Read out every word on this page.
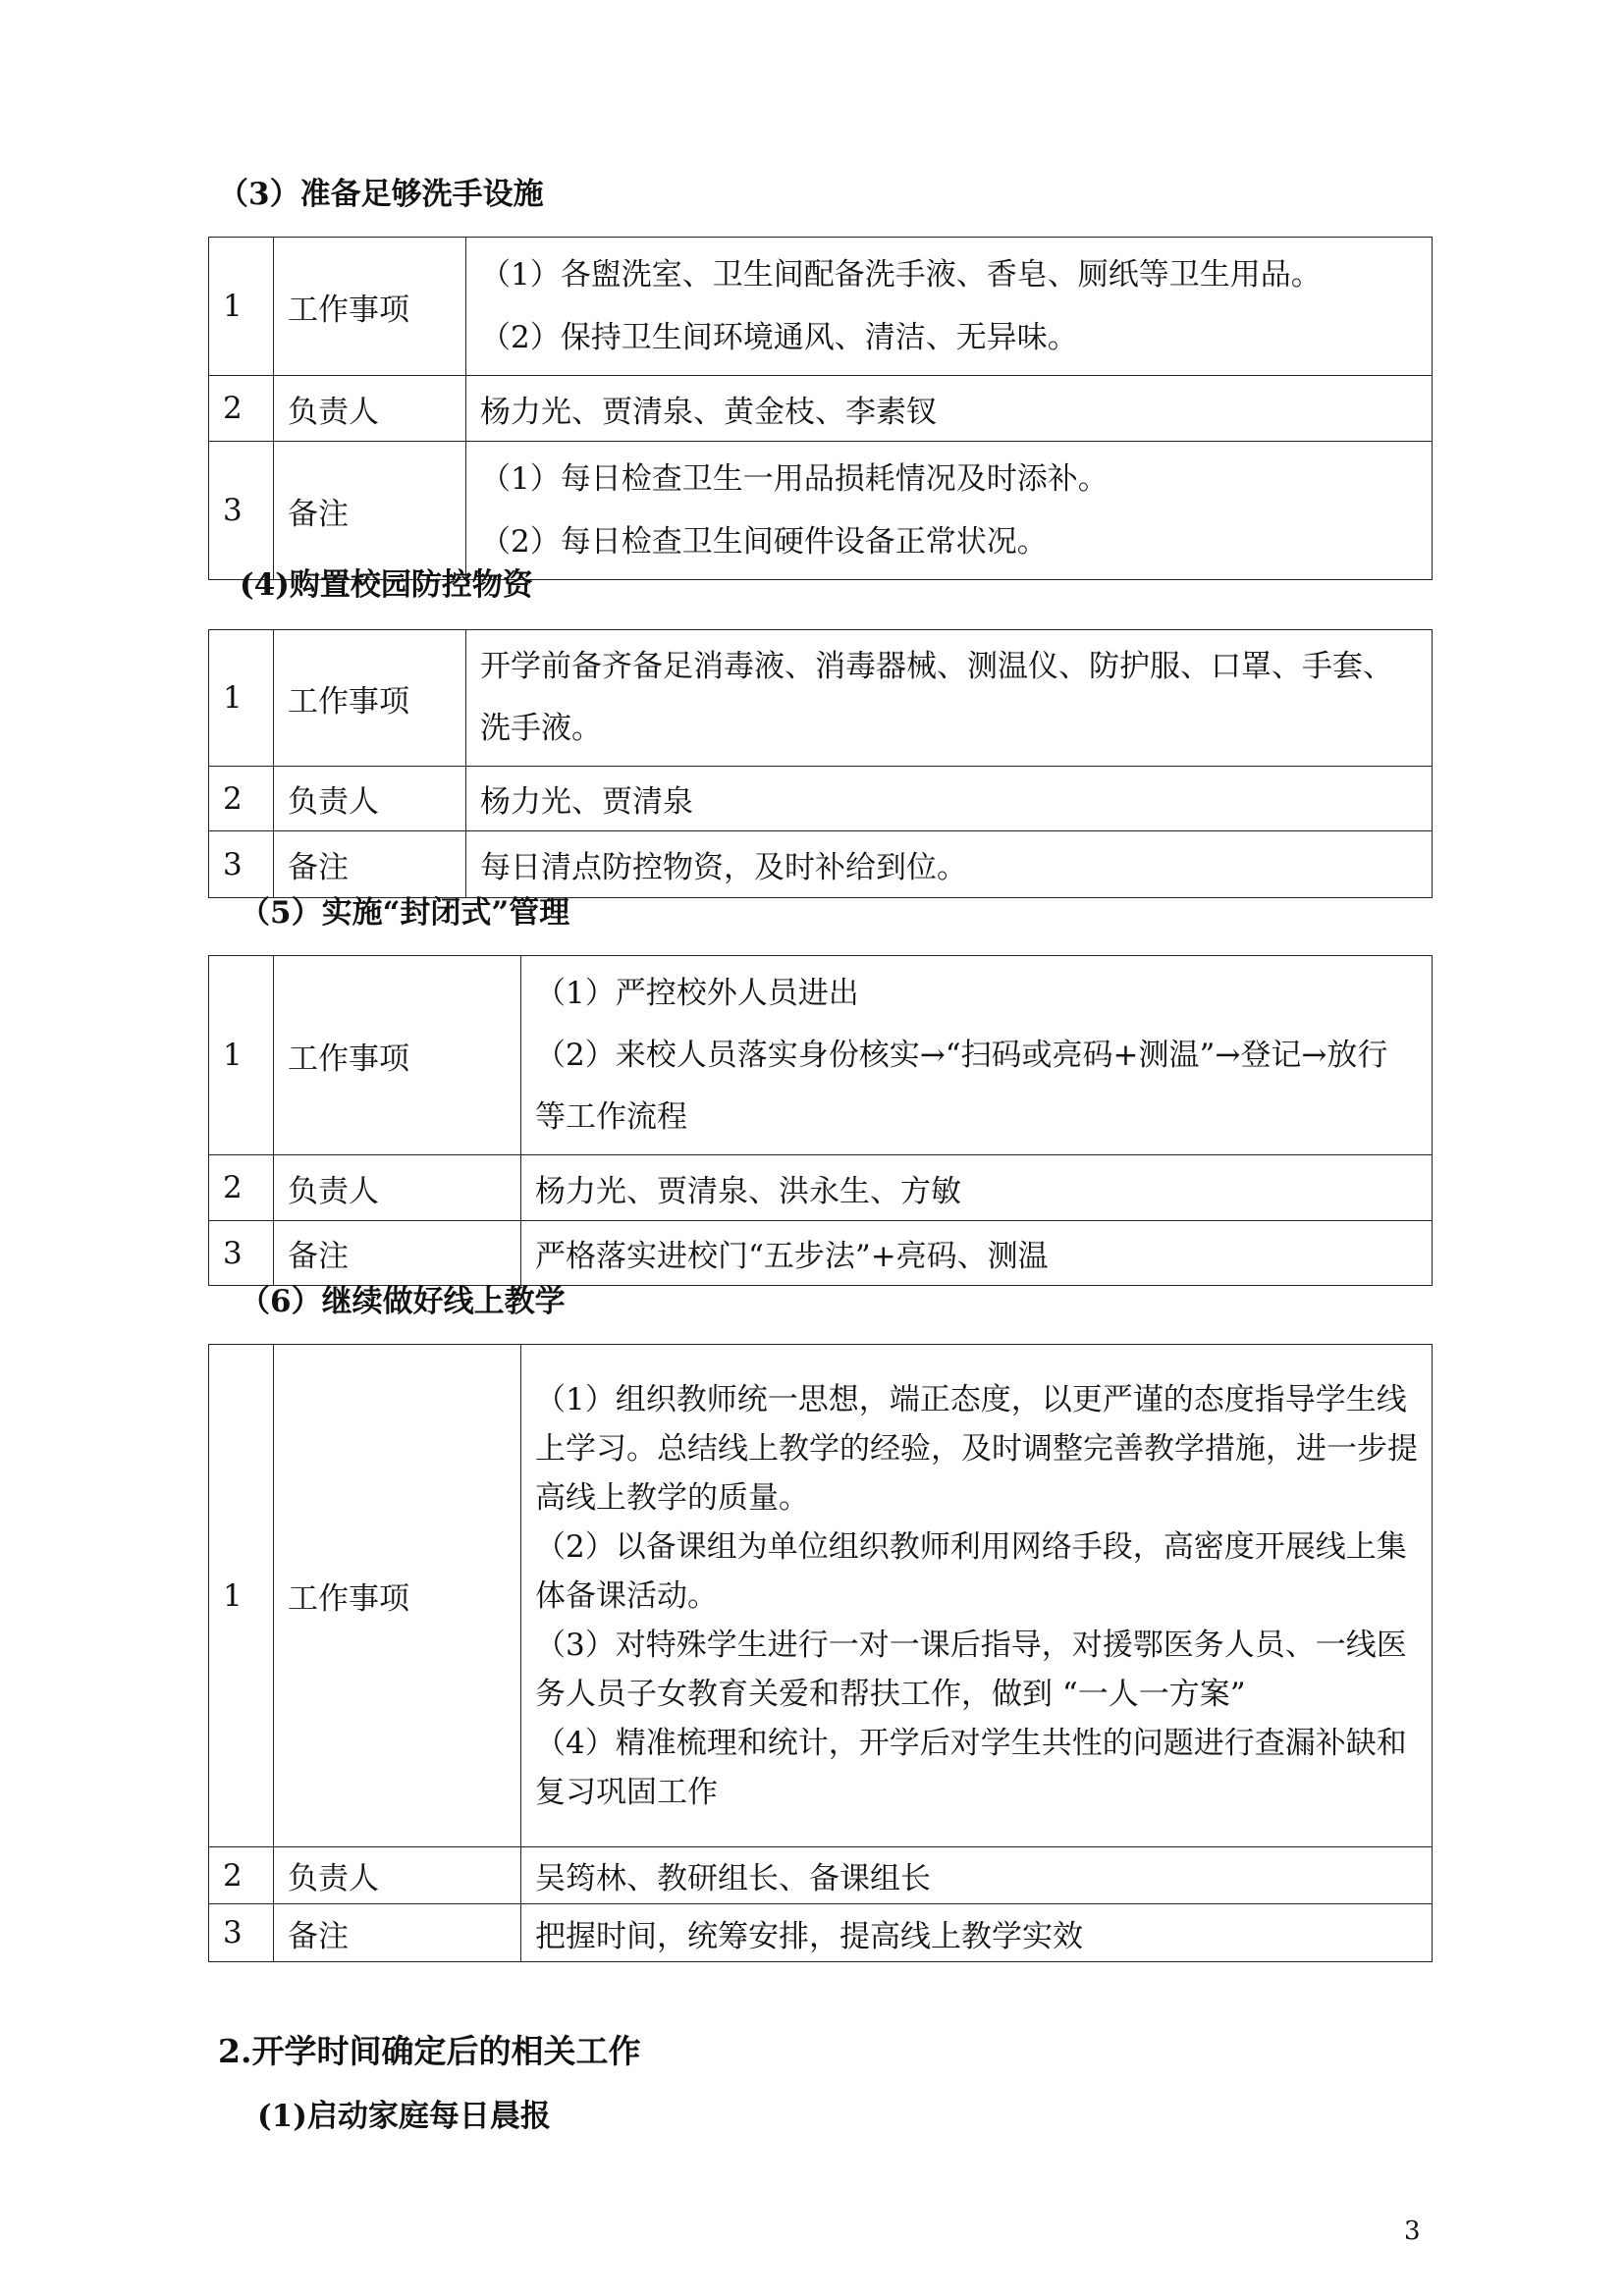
（3）准备足够洗手设施
1	工作事项	（1）各盥洗室、卫生间配备洗手液、香皂、厕纸等卫生用品。
（2）保持卫生间环境通风、清洁、无异味。

2	负责人	杨力光、贾清泉、黄金枝、李素钗
3	备注	（1）每日检查卫生一用品损耗情况及时添补。
（2）每日检查卫生间硬件设备正常状况。
(4)购置校园防控物资
1	工作事项	开学前备齐备足消毒液、消毒器械、测温仪、防护服、口罩、手套、洗手液。

2	负责人	杨力光、贾清泉
3	备注	每日清点防控物资，及时补给到位。
（5）实施“封闭式”管理
1	工作事项	（1）严控校外人员进出
（2）来校人员落实身份核实→“扫码或亮码+测温”→登记→放行等工作流程

2	负责人	杨力光、贾清泉、洪永生、方敏
3	备注	严格落实进校门“五步法”+亮码、测温
（6）继续做好线上教学
1	工作事项	（1）组织教师统一思想，端正态度，以更严谨的态度指导学生线上学习。总结线上教学的经验，及时调整完善教学措施，进一步提高线上教学的质量。
（2）以备课组为单位组织教师利用网络手段，高密度开展线上集体备课活动。
（3）对特殊学生进行一对一课后指导，对援鄂医务人员、一线医务人员子女教育关爱和帮扶工作，做到 “一人一方案”
（4）精准梳理和统计，开学后对学生共性的问题进行查漏补缺和复习巩固工作

2	负责人	吴筠林、教研组长、备课组长
3	备注	把握时间，统筹安排，提高线上教学实效
2.开学时间确定后的相关工作
(1)启动家庭每日晨报
3
